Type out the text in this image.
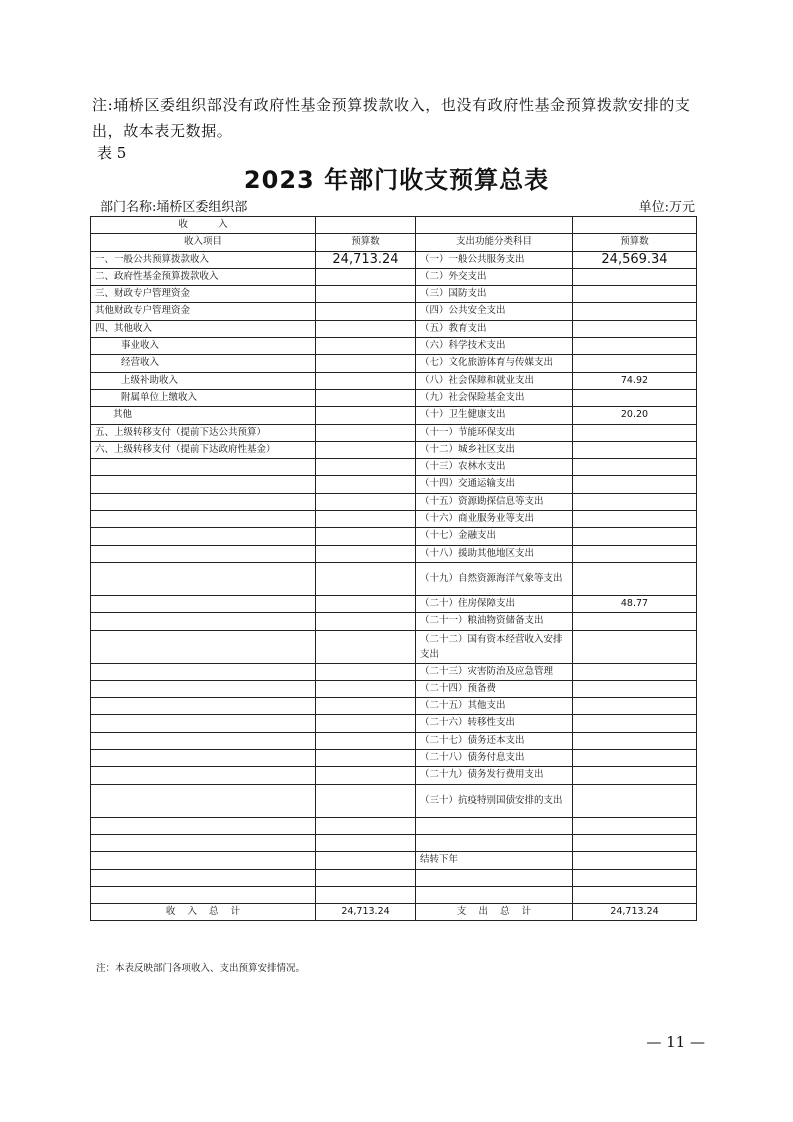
注:埇桥区委组织部没有政府性基金预算拨款收入，也没有政府性基金预算拨款安排的支出，故本表无数据。
表 5
2023 年部门收支预算总表
部门名称:埇桥区委组织部	单位:万元
收          入			
收入项目	预算数	支出功能分类科目	预算数
一、一般公共预算拨款收入	24,713.24	（一）一般公共服务支出	24,569.34
二、政府性基金预算拨款收入		（二）外交支出	
三、财政专户管理资金		（三）国防支出	
其他财政专户管理资金		（四）公共安全支出	
四、其他收入		（五）教育支出	
事业收入		（六）科学技术支出	
经营收入		（七）文化旅游体育与传媒支出	
上级补助收入		（八）社会保障和就业支出	74.92
附属单位上缴收入		（九）社会保险基金支出	
其他		（十）卫生健康支出	20.20
五、上级转移支付（提前下达公共预算）		（十一）节能环保支出	
六、上级转移支付（提前下达政府性基金）		（十二）城乡社区支出	
		（十三）农林水支出	
		（十四）交通运输支出	
		（十五）资源勘探信息等支出	
		（十六）商业服务业等支出	
		（十七）金融支出	
		（十八）援助其他地区支出	
		（十九）自然资源海洋气象等支出	
		（二十）住房保障支出	48.77
		（二十一）粮油物资储备支出	
		（二十二）国有资本经营收入安排支出	
		（二十三）灾害防治及应急管理	
		（二十四）预备费	
		（二十五）其他支出	
		（二十六）转移性支出	
		（二十七）债务还本支出	
		（二十八）债务付息支出	
		（二十九）债务发行费用支出	
		（三十）抗疫特别国债安排的支出	

		结转下年	

收    入    总    计	24,713.24	支    出    总    计	24,713.24
注：本表反映部门各项收入、支出预算安排情况。
— 11 —
